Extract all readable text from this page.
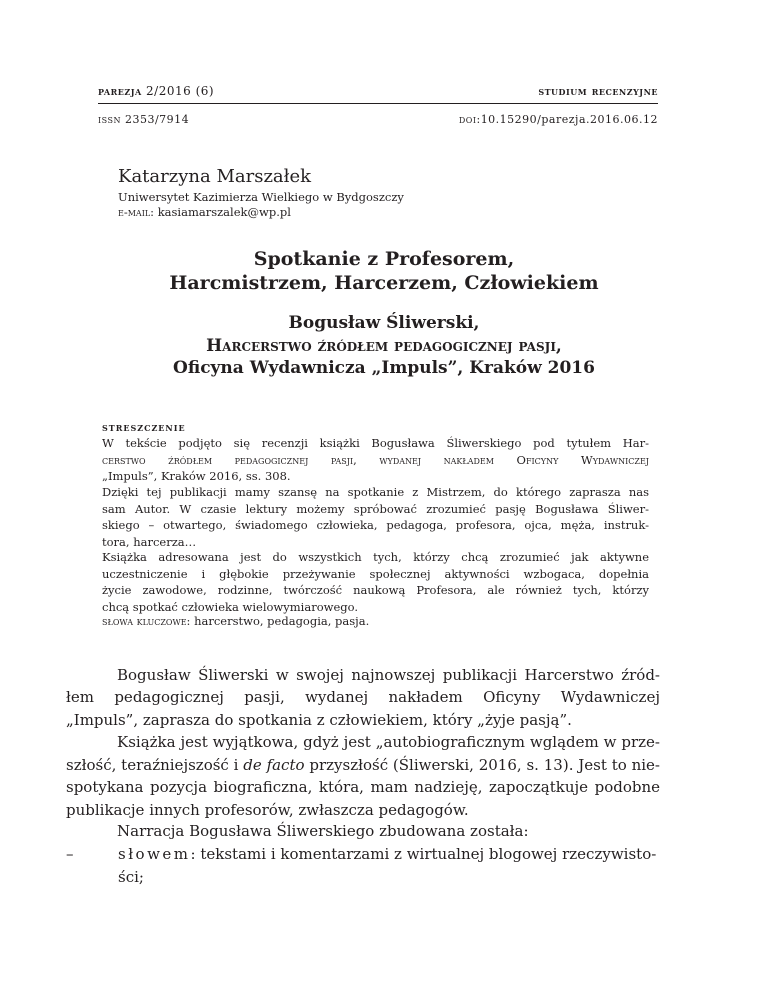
parezja 2/2016 (6)	studium recenzyjne
issn 2353/7914	doi:10.15290/parezja.2016.06.12
Katarzyna Marszałek
Uniwersytet Kazimierza Wielkiego w Bydgoszczy
e-mail: kasiamarszalek@wp.pl
Spotkanie z Profesorem,
Harcmistrzem, Harcerzem, Człowiekiem
Bogusław Śliwerski,
Harcerstwo źródłem pedagogicznej pasji,
Oficyna Wydawnicza „Impuls”, Kraków 2016
streszczenie
W tekście podjęto się recenzji książki Bogusława Śliwerskiego pod tytułem Har-
cerstwo źródłem pedagogicznej pasji, wydanej nakładem Oficyny Wydawniczej
„Impuls”, Kraków 2016, ss. 308.
Dzięki tej publikacji mamy szansę na spotkanie z Mistrzem, do którego zaprasza nas
sam Autor. W czasie lektury możemy spróbować zrozumieć pasję Bogusława Śliwer-
skiego – otwartego, świadomego człowieka, pedagoga, profesora, ojca, męża, instruk-
tora, harcerza…
Książka adresowana jest do wszystkich tych, którzy chcą zrozumieć jak aktywne
uczestniczenie i głębokie przeżywanie społecznej aktywności wzbogaca, dopełnia
życie zawodowe, rodzinne, twórczość naukową Profesora, ale również tych, którzy
chcą spotkać człowieka wielowymiarowego.
słowa kluczowe: harcerstwo, pedagogia, pasja.
Bogusław Śliwerski w swojej najnowszej publikacji Harcerstwo źród-
łem pedagogicznej pasji, wydanej nakładem Oficyny Wydawniczej
„Impuls”, zaprasza do spotkania z człowiekiem, który „żyje pasją”.
Książka jest wyjątkowa, gdyż jest „autobiograficznym wglądem w prze-
szłość, teraźniejszość i de facto przyszłość (Śliwerski, 2016, s. 13). Jest to nie-
spotykana pozycja biograficzna, która, mam nadzieję, zapoczątkuje podobne
publikacje innych profesorów, zwłaszcza pedagogów.
Narracja Bogusława Śliwerskiego zbudowana została:
–	słowem: tekstami i komentarzami z wirtualnej blogowej rzeczywisto-
ści;
